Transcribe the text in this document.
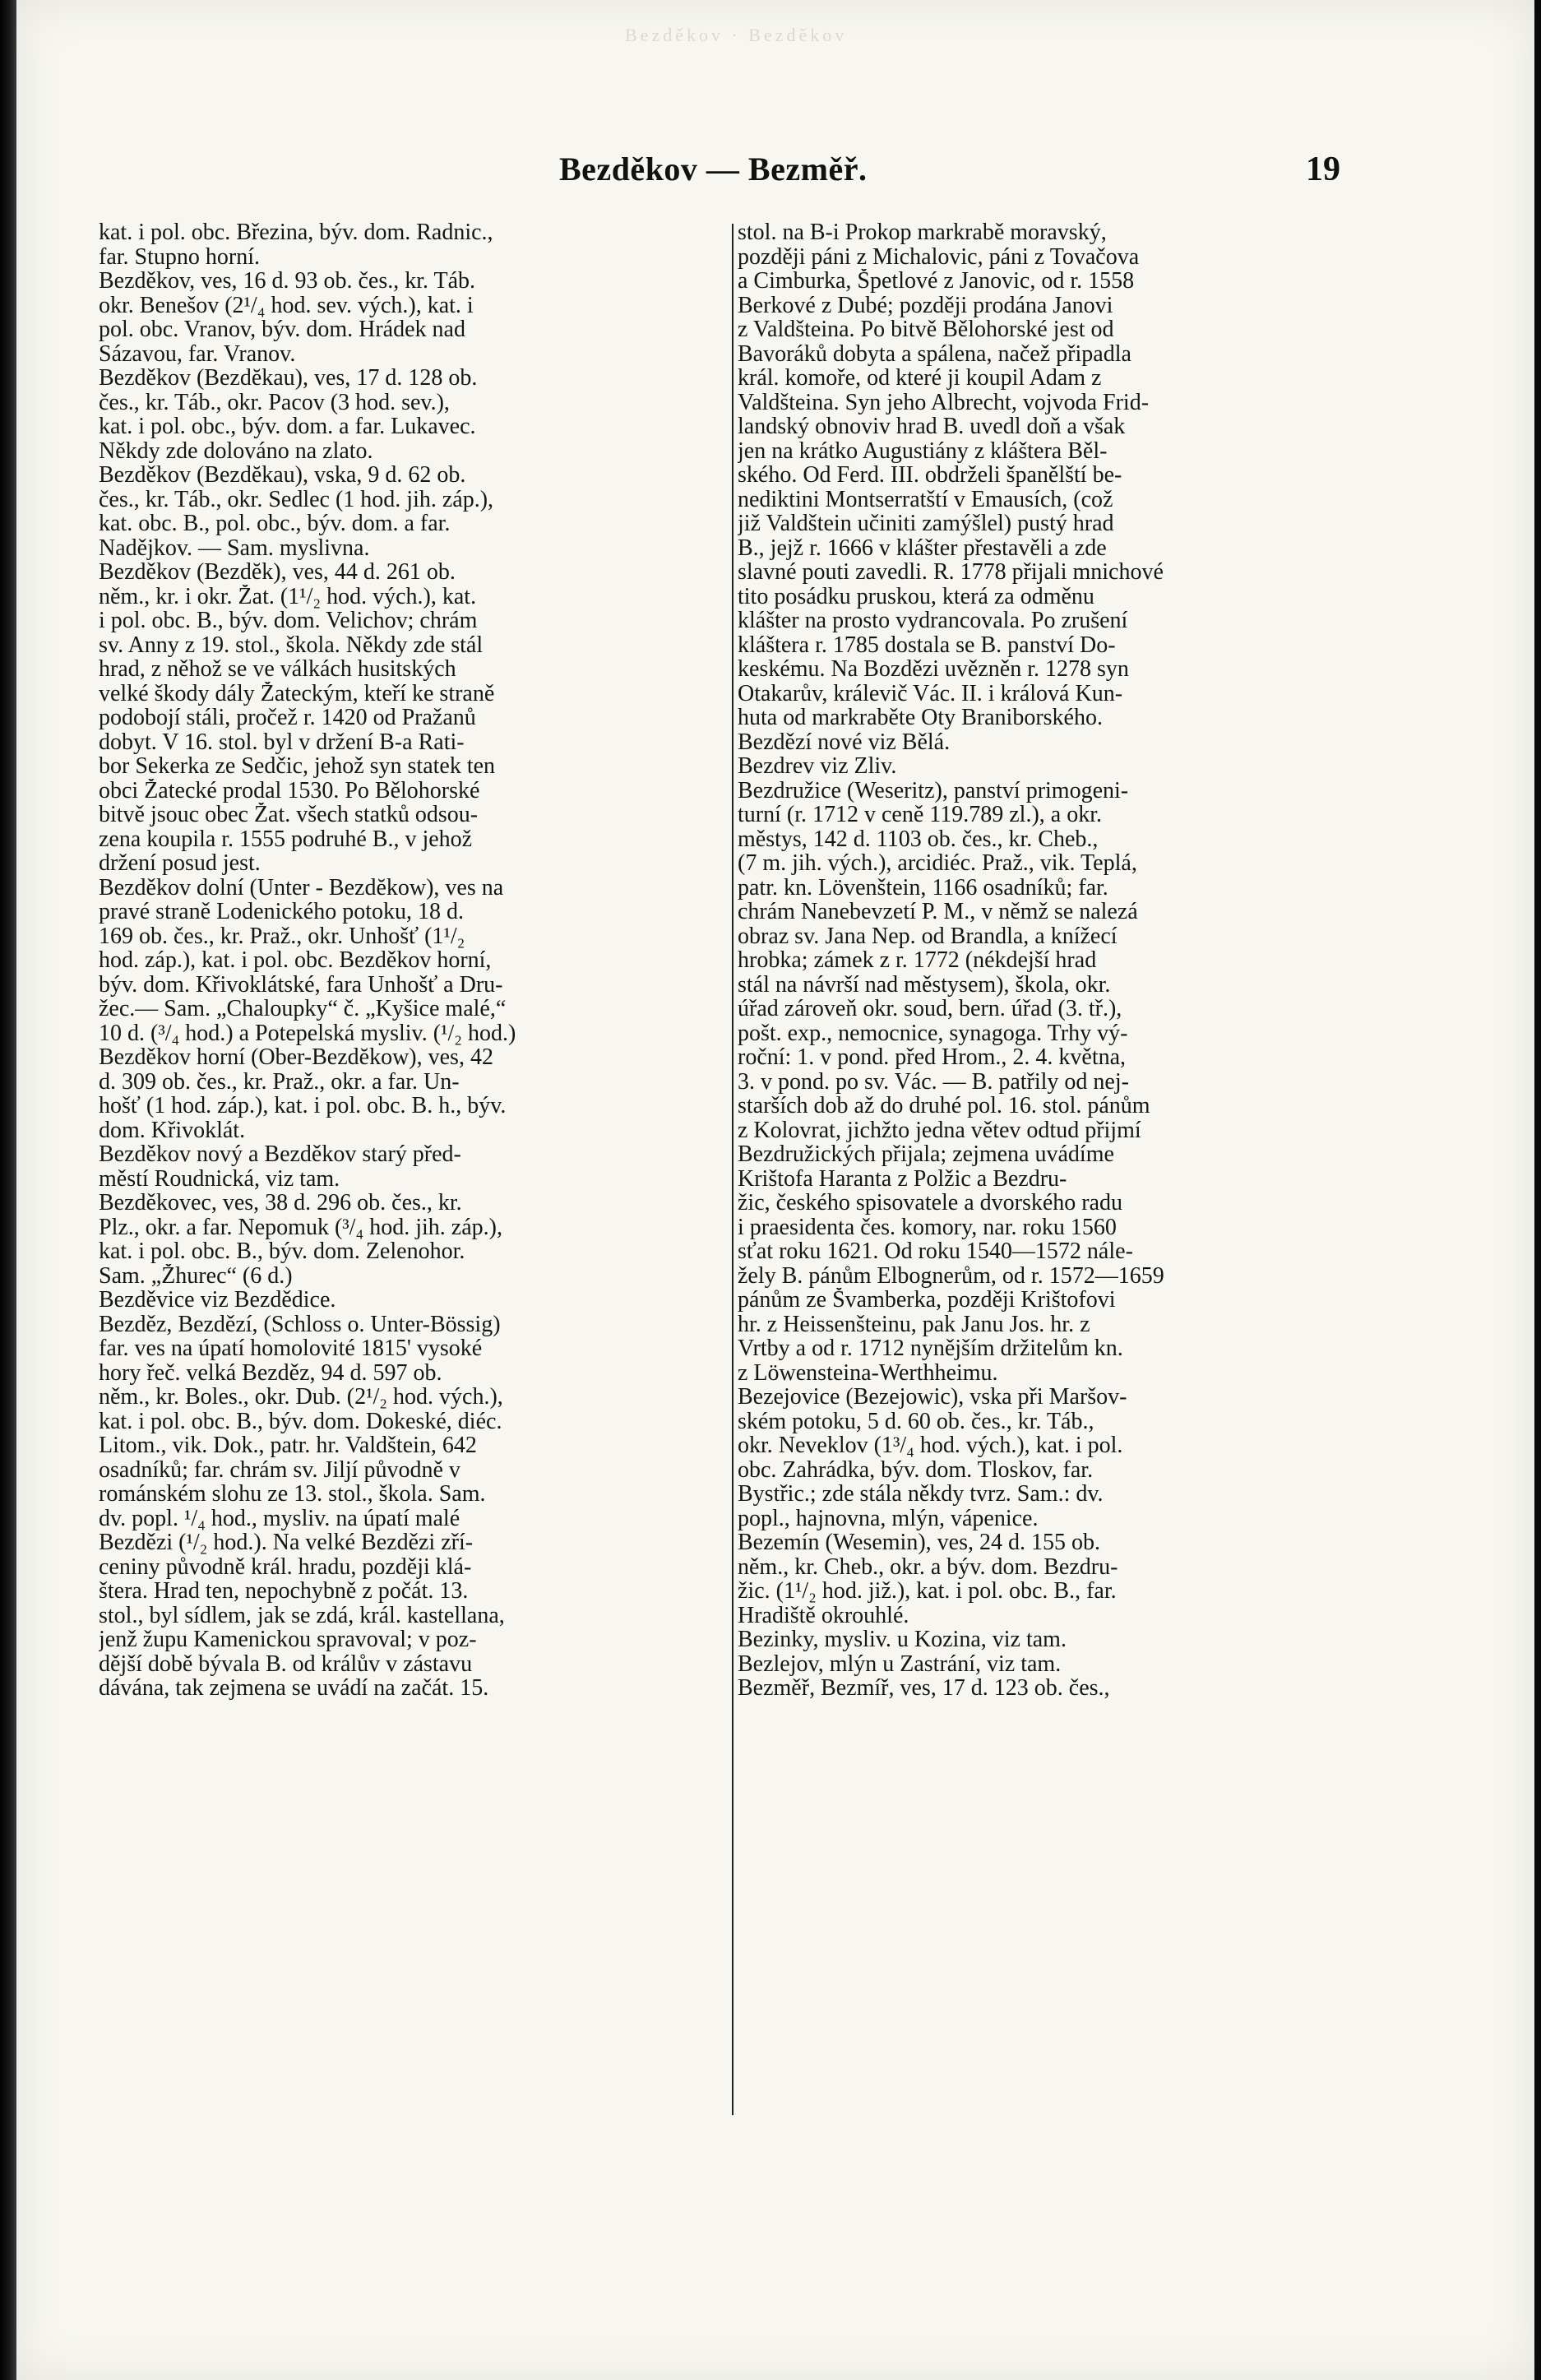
Bezděkov · Bezděkov
Bezděkov — Bezměř.	19
kat. i pol. obc. Březina, býv. dom. Radnic.,
far. Stupno horní.
Bezděkov, ves, 16 d. 93 ob. čes., kr. Táb.
okr. Benešov (2¹/₄ hod. sev. vých.), kat. i
pol. obc. Vranov, býv. dom. Hrádek nad
Sázavou, far. Vranov.
Bezděkov (Bezdĕkau), ves, 17 d. 128 ob.
čes., kr. Táb., okr. Pacov (3 hod. sev.),
kat. i pol. obc., býv. dom. a far. Lukavec.
Někdy zde dolováno na zlato.
Bezděkov (Bezdĕkau), vska, 9 d. 62 ob.
čes., kr. Táb., okr. Sedlec (1 hod. jih. záp.),
kat. obc. B., pol. obc., býv. dom. a far.
Nadějkov. — Sam. myslivna.
Bezděkov (Bezdĕk), ves, 44 d. 261 ob.
něm., kr. i okr. Žat. (1¹/₂ hod. vých.), kat.
i pol. obc. B., býv. dom. Velichov; chrám
sv. Anny z 19. stol., škola. Někdy zde stál
hrad, z něhož se ve válkách husitských
velké škody dály Žateckým, kteří ke straně
podobojí stáli, pročež r. 1420 od Pražanů
dobyt. V 16. stol. byl v držení B-a Rati-
bor Sekerka ze Sedčic, jehož syn statek ten
obci Žatecké prodal 1530. Po Bělohorské
bitvě jsouc obec Žat. všech statků odsou-
zena koupila r. 1555 podruhé B., v jehož
držení posud jest.
Bezděkov dolní (Unter - Bezdĕkow), ves na
pravé straně Lodenického potoku, 18 d.
169 ob. čes., kr. Praž., okr. Unhošť (1¹/₂
hod. záp.), kat. i pol. obc. Bezděkov horní,
býv. dom. Křivoklátské, fara Unhošť a Dru-
žec.— Sam. „Chaloupky“ č. „Kyšice malé,“
10 d. (³/₄ hod.) a Potepelská mysliv. (¹/₂ hod.)
Bezděkov horní (Ober-Bezdĕkow), ves, 42
d. 309 ob. čes., kr. Praž., okr. a far. Un-
hošť (1 hod. záp.), kat. i pol. obc. B. h., býv.
dom. Křivoklát.
Bezděkov nový a Bezděkov starý před-
městí Roudnická, viz tam.
Bezděkovec, ves, 38 d. 296 ob. čes., kr.
Plz., okr. a far. Nepomuk (³/₄ hod. jih. záp.),
kat. i pol. obc. B., býv. dom. Zelenohor.
Sam. „Žhurec“ (6 d.)
Bezděvice viz Bezdědice.
Bezděz, Bezdězí, (Schloss o. Unter-Bössig)
far. ves na úpatí homolovité 1815' vysoké
hory řeč. velká Bezděz, 94 d. 597 ob.
něm., kr. Boles., okr. Dub. (2¹/₂ hod. vých.),
kat. i pol. obc. B., býv. dom. Dokeské, diéc.
Litom., vik. Dok., patr. hr. Valdštein, 642
osadníků; far. chrám sv. Jiljí původně v
románském slohu ze 13. stol., škola. Sam.
dv. popl. ¹/₄ hod., mysliv. na úpatí malé
Bezdězi (¹/₂ hod.). Na velké Bezdězi zří-
ceniny původně král. hradu, později klá-
štera. Hrad ten, nepochybně z počát. 13.
stol., byl sídlem, jak se zdá, král. kastellana,
jenž župu Kamenickou spravoval; v poz-
dější době bývala B. od králův v zástavu
dávána, tak zejmena se uvádí na začát. 15.
stol. na B-i Prokop markrabě moravský,
později páni z Michalovic, páni z Tovačova
a Cimburka, Špetlové z Janovic, od r. 1558
Berkové z Dubé; později prodána Janovi
z Valdšteina. Po bitvě Bělohorské jest od
Bavoráků dobyta a spálena, načež připadla
král. komoře, od které ji koupil Adam z
Valdšteina. Syn jeho Albrecht, vojvoda Frid-
landský obnoviv hrad B. uvedl doň a však
jen na krátko Augustiány z kláštera Běl-
ského. Od Ferd. III. obdrželi španělští be-
nediktini Montserratští v Emausích, (což
již Valdštein učiniti zamýšlel) pustý hrad
B., jejž r. 1666 v klášter přestavěli a zde
slavné pouti zavedli. R. 1778 přijali mnichové
tito posádku pruskou, která za odměnu
klášter na prosto vydrancovala. Po zrušení
kláštera r. 1785 dostala se B. panství Do-
keskému. Na Bozdězi uvězněn r. 1278 syn
Otakarův, králevič Vác. II. i králová Kun-
huta od markraběte Oty Braniborského.
Bezdězí nové viz Bělá.
Bezdrev viz Zliv.
Bezdružice (Weseritz), panství primogeni-
turní (r. 1712 v ceně 119.789 zl.), a okr.
městys, 142 d. 1103 ob. čes., kr. Cheb.,
(7 m. jih. vých.), arcidiéc. Praž., vik. Teplá,
patr. kn. Lövenštein, 1166 osadníků; far.
chrám Nanebevzetí P. M., v němž se nalezá
obraz sv. Jana Nep. od Brandla, a knížecí
hrobka; zámek z r. 1772 (nékdejší hrad
stál na návrší nad městysem), škola, okr.
úřad zároveň okr. soud, bern. úřad (3. tř.),
pošt. exp., nemocnice, synagoga. Trhy vý-
roční: 1. v pond. před Hrom., 2. 4. května,
3. v pond. po sv. Vác. — B. patřily od nej-
starších dob až do druhé pol. 16. stol. pánům
z Kolovrat, jichžto jedna větev odtud přijmí
Bezdružických přijala; zejmena uvádíme
Krištofa Haranta z Polžic a Bezdru-
žic, českého spisovatele a dvorského radu
i praesidenta čes. komory, nar. roku 1560
sťat roku 1621. Od roku 1540—1572 nále-
žely B. pánům Elbognerům, od r. 1572—1659
pánům ze Švamberka, později Krištofovi
hr. z Heissenšteinu, pak Janu Jos. hr. z
Vrtby a od r. 1712 nynějším držitelům kn.
z Löwensteina-Werthheimu.
Bezejovice (Bezejowic), vska při Maršov-
ském potoku, 5 d. 60 ob. čes., kr. Táb.,
okr. Neveklov (1³/₄ hod. vých.), kat. i pol.
obc. Zahrádka, býv. dom. Tloskov, far.
Bystřic.; zde stála někdy tvrz. Sam.: dv.
popl., hajnovna, mlýn, vápenice.
Bezemín (Wesemin), ves, 24 d. 155 ob.
něm., kr. Cheb., okr. a býv. dom. Bezdru-
žic. (1¹/₂ hod. již.), kat. i pol. obc. B., far.
Hradiště okrouhlé.
Bezinky, mysliv. u Kozina, viz tam.
Bezlejov, mlýn u Zastrání, viz tam.
Bezměř, Bezmíř, ves, 17 d. 123 ob. čes.,
